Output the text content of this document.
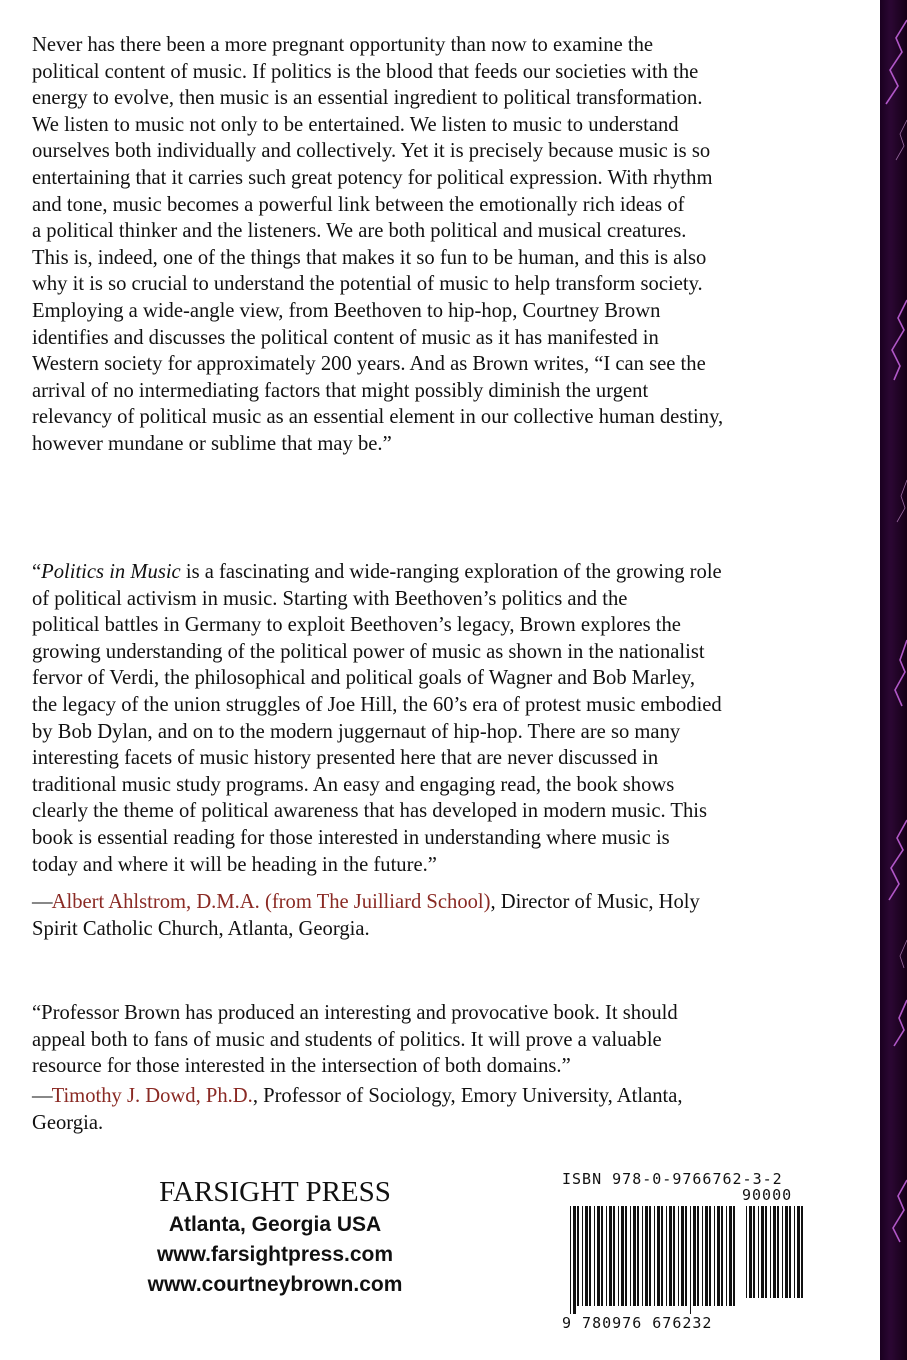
Never has there been a more pregnant opportunity than now to examine the
political content of music. If politics is the blood that feeds our societies with the
energy to evolve, then music is an essential ingredient to political transformation.
We listen to music not only to be entertained. We listen to music to understand
ourselves both individually and collectively. Yet it is precisely because music is so
entertaining that it carries such great potency for political expression. With rhythm
and tone, music becomes a powerful link between the emotionally rich ideas of
a political thinker and the listeners. We are both political and musical creatures.
This is, indeed, one of the things that makes it so fun to be human, and this is also
why it is so crucial to understand the potential of music to help transform society.
Employing a wide-angle view, from Beethoven to hip-hop, Courtney Brown
identifies and discusses the political content of music as it has manifested in
Western society for approximately 200 years. And as Brown writes, “I can see the
arrival of no intermediating factors that might possibly diminish the urgent
relevancy of political music as an essential element in our collective human destiny,
however mundane or sublime that may be.”

“Politics in Music is a fascinating and wide-ranging exploration of the growing role
of political activism in music. Starting with Beethoven’s politics and the
political battles in Germany to exploit Beethoven’s legacy, Brown explores the
growing understanding of the political power of music as shown in the nationalist
fervor of Verdi, the philosophical and political goals of Wagner and Bob Marley,
the legacy of the union struggles of Joe Hill, the 60’s era of protest music embodied
by Bob Dylan, and on to the modern juggernaut of hip-hop. There are so many
interesting facets of music history presented here that are never discussed in
traditional music study programs. An easy and engaging read, the book shows
clearly the theme of political awareness that has developed in modern music. This
book is essential reading for those interested in understanding where music is
today and where it will be heading in the future.”

—Albert Ahlstrom, D.M.A. (from The Juilliard School), Director of Music, Holy
Spirit Catholic Church, Atlanta, Georgia.

“Professor Brown has produced an interesting and provocative book. It should
appeal both to fans of music and students of politics. It will prove a valuable
resource for those interested in the intersection of both domains.”

—Timothy J. Dowd, Ph.D., Professor of Sociology, Emory University, Atlanta,
Georgia.

FARSIGHT PRESS
Atlanta, Georgia USA
www.farsightpress.com
www.courtneybrown.com
ISBN 978-0-9766762-3-2
90000
9 780976 676232
